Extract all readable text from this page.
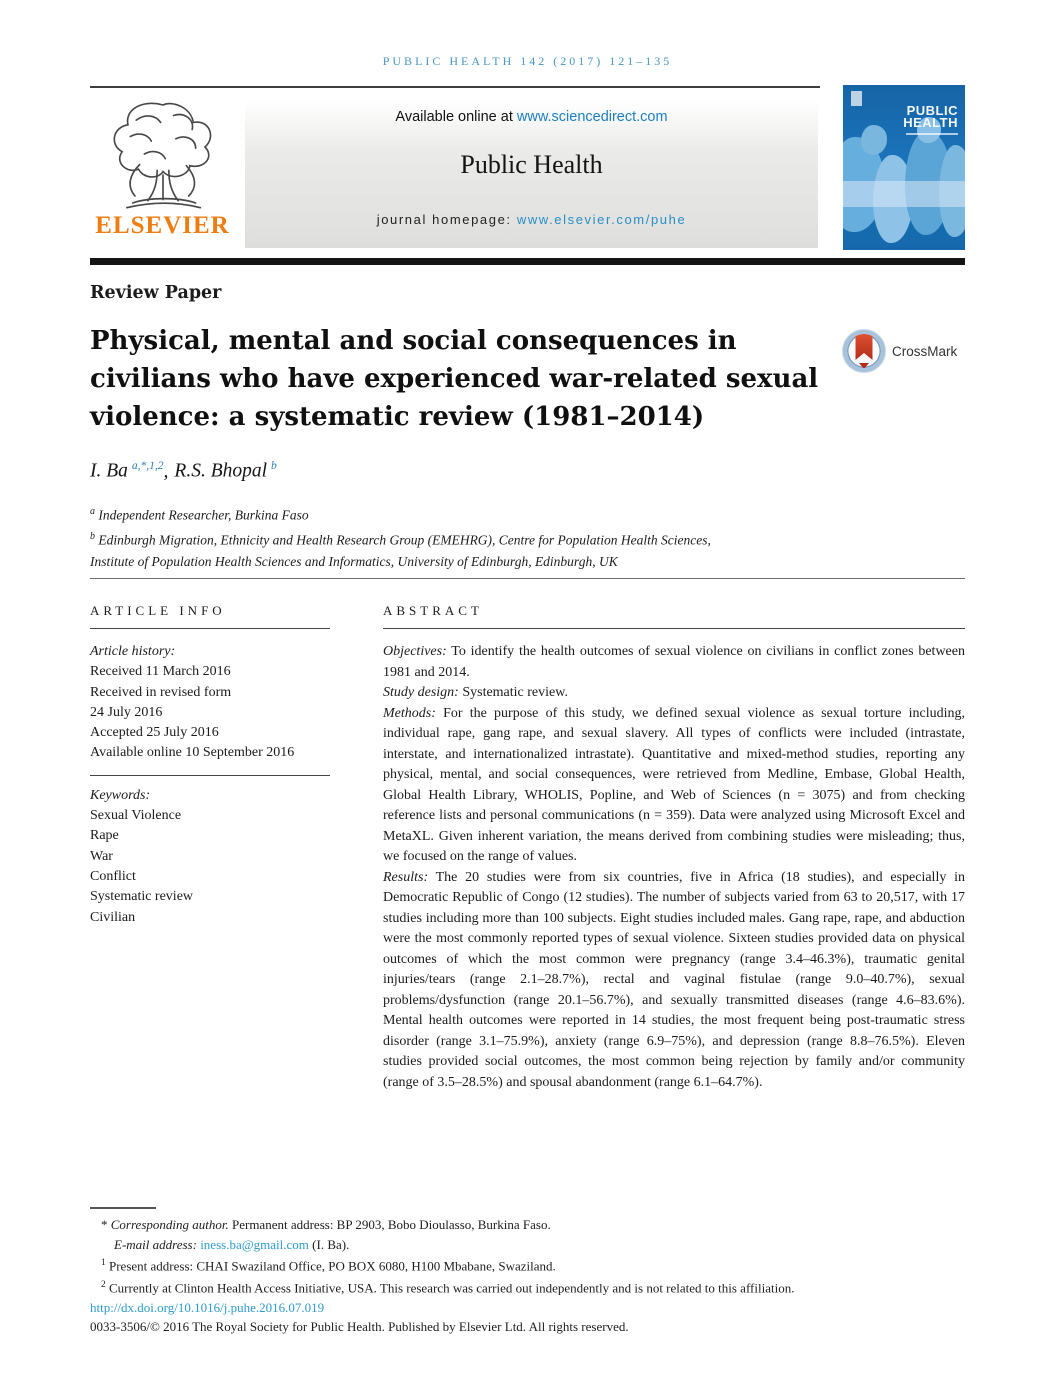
PUBLIC HEALTH 142 (2017) 121–135
ELSEVIER
Available online at www.sciencedirect.com
Public Health
journal homepage: www.elsevier.com/puhe
PUBLIC
HEALTH
Review Paper
Physical, mental and social consequences in
civilians who have experienced war-related sexual
violence: a systematic review (1981–2014)
CrossMark
I. Ba $^{a,*,1,2}$, R.S. Bhopal $^b$
$^a$ Independent Researcher, Burkina Faso
$^b$ Edinburgh Migration, Ethnicity and Health Research Group (EMEHRG), Centre for Population Health Sciences,
Institute of Population Health Sciences and Informatics, University of Edinburgh, Edinburgh, UK
ARTICLE INFO
Article history:
Received 11 March 2016
Received in revised form
24 July 2016
Accepted 25 July 2016
Available online 10 September 2016
Keywords:
Sexual Violence
Rape
War
Conflict
Systematic review
Civilian
ABSTRACT

Objectives: To identify the health outcomes of sexual violence on civilians in conflict zones between 1981 and 2014.

Study design: Systematic review.

Methods: For the purpose of this study, we defined sexual violence as sexual torture including, individual rape, gang rape, and sexual slavery. All types of conflicts were included (intrastate, interstate, and internationalized intrastate). Quantitative and mixed-method studies, reporting any physical, mental, and social consequences, were retrieved from Medline, Embase, Global Health, Global Health Library, WHOLIS, Popline, and Web of Sciences (n = 3075) and from checking reference lists and personal communications (n = 359). Data were analyzed using Microsoft Excel and MetaXL. Given inherent variation, the means derived from combining studies were misleading; thus, we focused on the range of values.

Results: The 20 studies were from six countries, five in Africa (18 studies), and especially in Democratic Republic of Congo (12 studies). The number of subjects varied from 63 to 20,517, with 17 studies including more than 100 subjects. Eight studies included males. Gang rape, rape, and abduction were the most commonly reported types of sexual violence. Sixteen studies provided data on physical outcomes of which the most common were pregnancy (range 3.4–46.3%), traumatic genital injuries/tears (range 2.1–28.7%), rectal and vaginal fistulae (range 9.0–40.7%), sexual problems/dysfunction (range 20.1–56.7%), and sexually transmitted diseases (range 4.6–83.6%). Mental health outcomes were reported in 14 studies, the most frequent being post-traumatic stress disorder (range 3.1–75.9%), anxiety (range 6.9–75%), and depression (range 8.8–76.5%). Eleven studies provided social outcomes, the most common being rejection by family and/or community (range of 3.5–28.5%) and spousal abandonment (range 6.1–64.7%).

* Corresponding author. Permanent address: BP 2903, Bobo Dioulasso, Burkina Faso.
E-mail address: iness.ba@gmail.com (I. Ba).
$^1$ Present address: CHAI Swaziland Office, PO BOX 6080, H100 Mbabane, Swaziland.
$^2$ Currently at Clinton Health Access Initiative, USA. This research was carried out independently and is not related to this affiliation.
http://dx.doi.org/10.1016/j.puhe.2016.07.019
0033-3506/© 2016 The Royal Society for Public Health. Published by Elsevier Ltd. All rights reserved.
